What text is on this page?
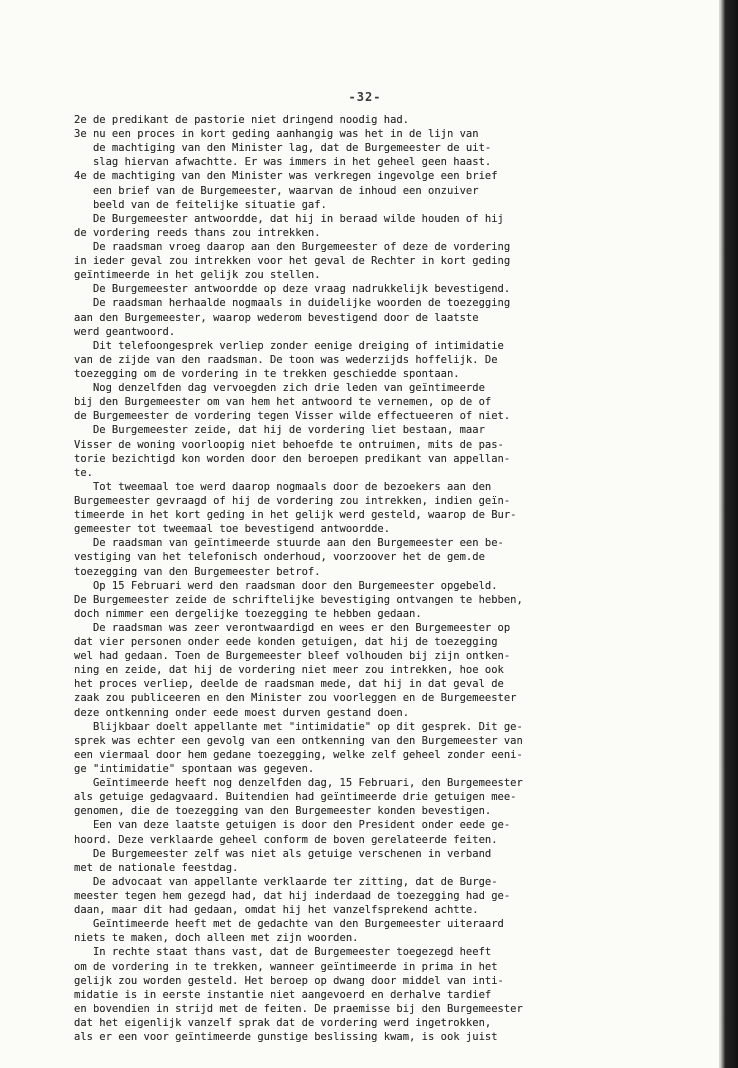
-32-
2e de predikant de pastorie niet dringend noodig had.
3e nu een proces in kort geding aanhangig was het in de lijn van
de machtiging van den Minister lag, dat de Burgemeester de uit-
slag hiervan afwachtte. Er was immers in het geheel geen haast.
4e de machtiging van den Minister was verkregen ingevolge een brief
een brief van de Burgemeester, waarvan de inhoud een onzuiver
beeld van de feitelijke situatie gaf.
De Burgemeester antwoordde, dat hij in beraad wilde houden of hij
de vordering reeds thans zou intrekken.
De raadsman vroeg daarop aan den Burgemeester of deze de vordering
in ieder geval zou intrekken voor het geval de Rechter in kort geding
geïntimeerde in het gelijk zou stellen.
De Burgemeester antwoordde op deze vraag nadrukkelijk bevestigend.
De raadsman herhaalde nogmaals in duidelijke woorden de toezegging
aan den Burgemeester, waarop wederom bevestigend door de laatste
werd geantwoord.
Dit telefoongesprek verliep zonder eenige dreiging of intimidatie
van de zijde van den raadsman. De toon was wederzijds hoffelijk. De
toezegging om de vordering in te trekken geschiedde spontaan.
Nog denzelfden dag vervoegden zich drie leden van geïntimeerde
bij den Burgemeester om van hem het antwoord te vernemen, op de of
de Burgemeester de vordering tegen Visser wilde effectueeren of niet.
De Burgemeester zeide, dat hij de vordering liet bestaan, maar
Visser de woning voorloopig niet behoefde te ontruimen, mits de pas-
torie bezichtigd kon worden door den beroepen predikant van appellan-
te.
Tot tweemaal toe werd daarop nogmaals door de bezoekers aan den
Burgemeester gevraagd of hij de vordering zou intrekken, indien geïn-
timeerde in het kort geding in het gelijk werd gesteld, waarop de Bur-
gemeester tot tweemaal toe bevestigend antwoordde.
De raadsman van geïntimeerde stuurde aan den Burgemeester een be-
vestiging van het telefonisch onderhoud, voorzoover het de gem.de
toezegging van den Burgemeester betrof.
Op 15 Februari werd den raadsman door den Burgemeester opgebeld.
De Burgemeester zeide de schriftelijke bevestiging ontvangen te hebben,
doch nimmer een dergelijke toezegging te hebben gedaan.
De raadsman was zeer verontwaardigd en wees er den Burgemeester op
dat vier personen onder eede konden getuigen, dat hij de toezegging
wel had gedaan. Toen de Burgemeester bleef volhouden bij zijn ontken-
ning en zeide, dat hij de vordering niet meer zou intrekken, hoe ook
het proces verliep, deelde de raadsman mede, dat hij in dat geval de
zaak zou publiceeren en den Minister zou voorleggen en de Burgemeester
deze ontkenning onder eede moest durven gestand doen.
Blijkbaar doelt appellante met "intimidatie" op dit gesprek. Dit ge-
sprek was echter een gevolg van een ontkenning van den Burgemeester van
een viermaal door hem gedane toezegging, welke zelf geheel zonder eeni-
ge "intimidatie" spontaan was gegeven.
Geïntimeerde heeft nog denzelfden dag, 15 Februari, den Burgemeester
als getuige gedagvaard. Buitendien had geïntimeerde drie getuigen mee-
genomen, die de toezegging van den Burgemeester konden bevestigen.
Een van deze laatste getuigen is door den President onder eede ge-
hoord. Deze verklaarde geheel conform de boven gerelateerde feiten.
De Burgemeester zelf was niet als getuige verschenen in verband
met de nationale feestdag.
De advocaat van appellante verklaarde ter zitting, dat de Burge-
meester tegen hem gezegd had, dat hij inderdaad de toezegging had ge-
daan, maar dit had gedaan, omdat hij het vanzelfsprekend achtte.
Geïntimeerde heeft met de gedachte van den Burgemeester uiteraard
niets te maken, doch alleen met zijn woorden.
In rechte staat thans vast, dat de Burgemeester toegezegd heeft
om de vordering in te trekken, wanneer geïntimeerde in prima in het
gelijk zou worden gesteld. Het beroep op dwang door middel van inti-
midatie is in eerste instantie niet aangevoerd en derhalve tardief
en bovendien in strijd met de feiten. De praemisse bij den Burgemeester
dat het eigenlijk vanzelf sprak dat de vordering werd ingetrokken,
als er een voor geïntimeerde gunstige beslissing kwam, is ook juist
